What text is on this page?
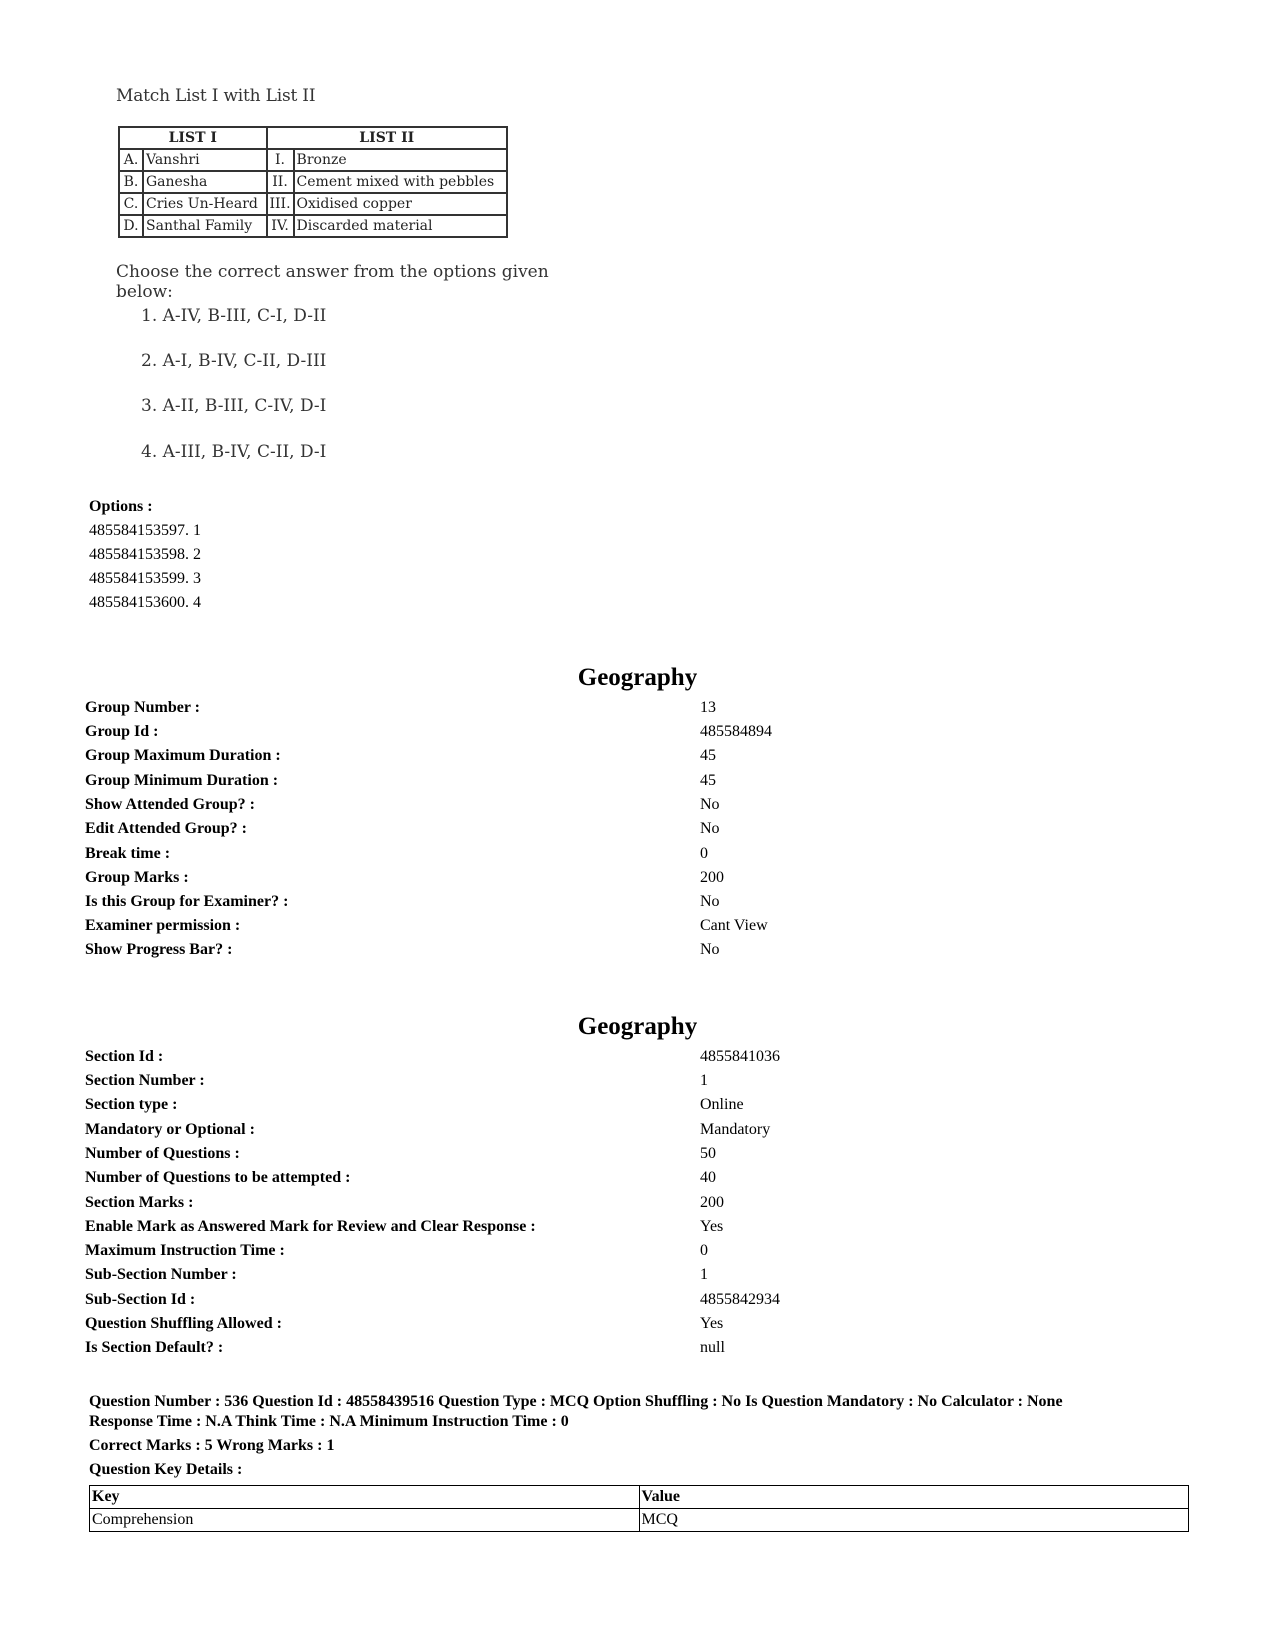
Match List I with List II
LIST I		LIST II	
A.	Vanshri	I.	Bronze
B.	Ganesha	II.	Cement mixed with pebbles
C.	Cries Un-Heard	III.	Oxidised copper
D.	Santhal Family	IV.	Discarded material
Choose the correct answer from the options given below:
1. A-IV, B-III, C-I, D-II
2. A-I, B-IV, C-II, D-III
3. A-II, B-III, C-IV, D-I
4. A-III, B-IV, C-II, D-I
Options :
485584153597. 1
485584153598. 2
485584153599. 3
485584153600. 4
Geography
Group Number :	13
Group Id :	485584894
Group Maximum Duration :	45
Group Minimum Duration :	45
Show Attended Group? :	No
Edit Attended Group? :	No
Break time :	0
Group Marks :	200
Is this Group for Examiner? :	No
Examiner permission :	Cant View
Show Progress Bar? :	No
Geography
Section Id :	4855841036
Section Number :	1
Section type :	Online
Mandatory or Optional :	Mandatory
Number of Questions :	50
Number of Questions to be attempted :	40
Section Marks :	200
Enable Mark as Answered Mark for Review and Clear Response :	Yes
Maximum Instruction Time :	0
Sub-Section Number :	1
Sub-Section Id :	4855842934
Question Shuffling Allowed :	Yes
Is Section Default? :	null
Question Number : 536 Question Id : 48558439516 Question Type : MCQ Option Shuffling : No Is Question Mandatory : No Calculator : None
Response Time : N.A Think Time : N.A Minimum Instruction Time : 0
Correct Marks : 5 Wrong Marks : 1
Question Key Details :
Key	Value
Comprehension	MCQ
